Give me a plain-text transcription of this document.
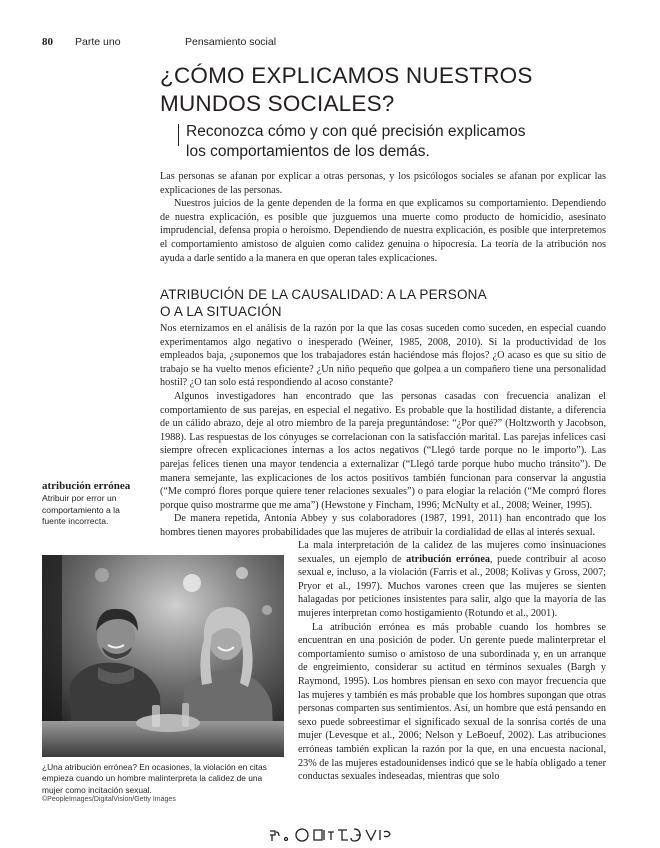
80 Parte uno	Pensamiento social
¿CÓMO EXPLICAMOS NUESTROS
MUNDOS SOCIALES?
Reconozca cómo y con qué precisión explicamos
los comportamientos de los demás.

Las personas se afanan por explicar a otras personas, y los psicólogos sociales se afanan por explicar las explicaciones de las personas.

Nuestros juicios de la gente dependen de la forma en que explicamos su comportamiento. Dependiendo de nuestra explicación, es posible que juzguemos una muerte como producto de homicidio, asesinato imprudencial, defensa propia o heroísmo. Dependiendo de nuestra explicación, es posible que interpretemos el comportamiento amistoso de alguien como calidez genuina o hipocresía. La teoría de la atribución nos ayuda a darle sentido a la manera en que operan tales explicaciones.

ATRIBUCIÓN DE LA CAUSALIDAD: A LA PERSONA
O A LA SITUACIÓN

Nos eternizamos en el análisis de la razón por la que las cosas suceden como suceden, en especial cuando experimentamos algo negativo o inesperado (Weiner, 1985, 2008, 2010). Si la productividad de los empleados baja, ¿suponemos que los trabajadores están haciéndose más flojos? ¿O acaso es que su sitio de trabajo se ha vuelto menos eficiente? ¿Un niño pequeño que golpea a un compañero tiene una personalidad hostil? ¿O tan solo está respondiendo al acoso constante?

Algunos investigadores han encontrado que las personas casadas con frecuencia analizan el comportamiento de sus parejas, en especial el negativo. Es probable que la hostilidad distante, a diferencia de un cálido abrazo, deje al otro miembro de la pareja preguntándose: “¿Por qué?” (Holtzworth y Jacobson, 1988). Las respuestas de los cónyuges se correlacionan con la satisfacción marital. Las parejas infelices casi siempre ofrecen explicaciones internas a los actos negativos (“Llegó tarde porque no le importo”). Las parejas felices tienen una mayor tendencia a externalizar (“Llegó tarde porque hubo mucho tránsito”). De manera semejante, las explicaciones de los actos positivos también funcionan para conservar la angustia (“Me compró flores porque quiere tener relaciones sexuales”) o para elogiar la relación (“Me compró flores porque quiso mostrarme que me ama”) (Hewstone y Fincham, 1996; McNulty et al., 2008; Weiner, 1995).

De manera repetida, Antonia Abbey y sus colaboradores (1987, 1991, 2011) han encontrado que los hombres tienen mayores probabilidades que las mujeres de atribuir la cordialidad de ellas al interés sexual.

atribución errónea
Atribuir por error un comportamiento a la fuente incorrecta.
¿Una atribución errónea? En ocasiones, la violación en citas empieza cuando un hombre malinterpreta la calidez de una mujer como incitación sexual.
©PeopleImages/DigitalVision/Getty Images

La mala interpretación de la calidez de las mujeres como insinuaciones sexuales, un ejemplo de atribución errónea, puede contribuir al acoso sexual e, incluso, a la violación (Farris et al., 2008; Kolivas y Gross, 2007; Pryor et al., 1997). Muchos varones creen que las mujeres se sienten halagadas por peticiones insistentes para salir, algo que la mayoría de las mujeres interpretan como hostigamiento (Rotundo et al., 2001).

La atribución errónea es más probable cuando los hombres se encuentran en una posición de poder. Un gerente puede malinterpretar el comportamiento sumiso o amistoso de una subordinada y, en un arranque de engreimiento, considerar su actitud en términos sexuales (Bargh y Raymond, 1995). Los hombres piensan en sexo con mayor frecuencia que las mujeres y también es más probable que los hombres supongan que otras personas comparten sus sentimientos. Así, un hombre que está pensando en sexo puede sobreestimar el significado sexual de la sonrisa cortés de una mujer (Levesque et al., 2006; Nelson y LeBoeuf, 2002). Las atribuciones erróneas también explican la razón por la que, en una encuesta nacional, 23% de las mujeres estadounidenses indicó que se le había obligado a tener conductas sexuales indeseadas, mientras que solo
